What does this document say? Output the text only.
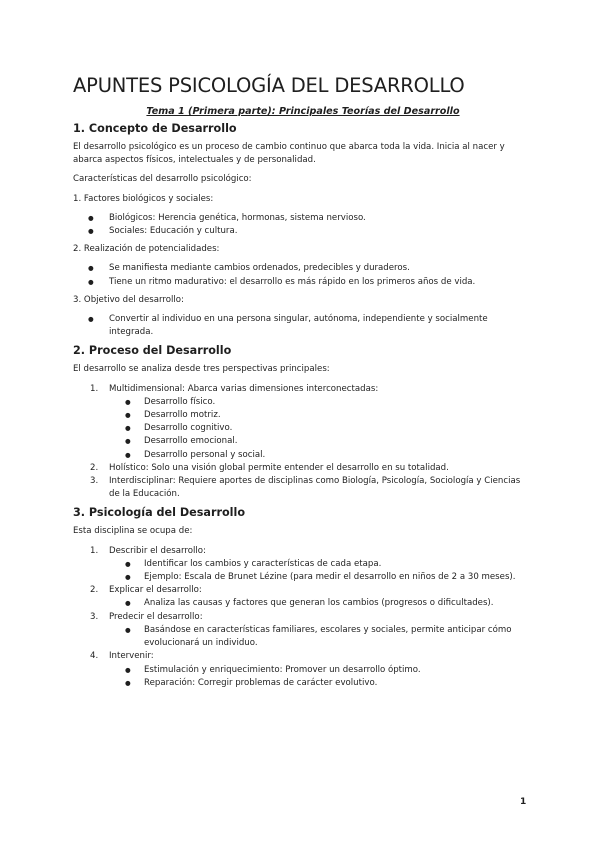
APUNTES PSICOLOGÍA DEL DESARROLLO
Tema 1 (Primera parte): Principales Teorías del Desarrollo
1. Concepto de Desarrollo

El desarrollo psicológico es un proceso de cambio continuo que abarca toda la vida. Inicia al nacer y abarca aspectos físicos, intelectuales y de personalidad.

Características del desarrollo psicológico:

1. Factores biológicos y sociales:

● Biológicos: Herencia genética, hormonas, sistema nervioso.
● Sociales: Educación y cultura.

2. Realización de potencialidades:

● Se manifiesta mediante cambios ordenados, predecibles y duraderos.
● Tiene un ritmo madurativo: el desarrollo es más rápido en los primeros años de vida.

3. Objetivo del desarrollo:

● Convertir al individuo en una persona singular, autónoma, independiente y socialmente integrada.
2. Proceso del Desarrollo

El desarrollo se analiza desde tres perspectivas principales:

1. Multidimensional: Abarca varias dimensiones interconectadas:
● Desarrollo físico.
● Desarrollo motriz.
● Desarrollo cognitivo.
● Desarrollo emocional.
● Desarrollo personal y social.
2. Holístico: Solo una visión global permite entender el desarrollo en su totalidad.
3. Interdisciplinar: Requiere aportes de disciplinas como Biología, Psicología, Sociología y Ciencias de la Educación.
3. Psicología del Desarrollo

Esta disciplina se ocupa de:

1. Describir el desarrollo:
● Identificar los cambios y características de cada etapa.
● Ejemplo: Escala de Brunet Lézine (para medir el desarrollo en niños de 2 a 30 meses).
2. Explicar el desarrollo:
● Analiza las causas y factores que generan los cambios (progresos o dificultades).
3. Predecir el desarrollo:
● Basándose en características familiares, escolares y sociales, permite anticipar cómo evolucionará un individuo.
4. Intervenir:
● Estimulación y enriquecimiento: Promover un desarrollo óptimo.
● Reparación: Corregir problemas de carácter evolutivo.
1
